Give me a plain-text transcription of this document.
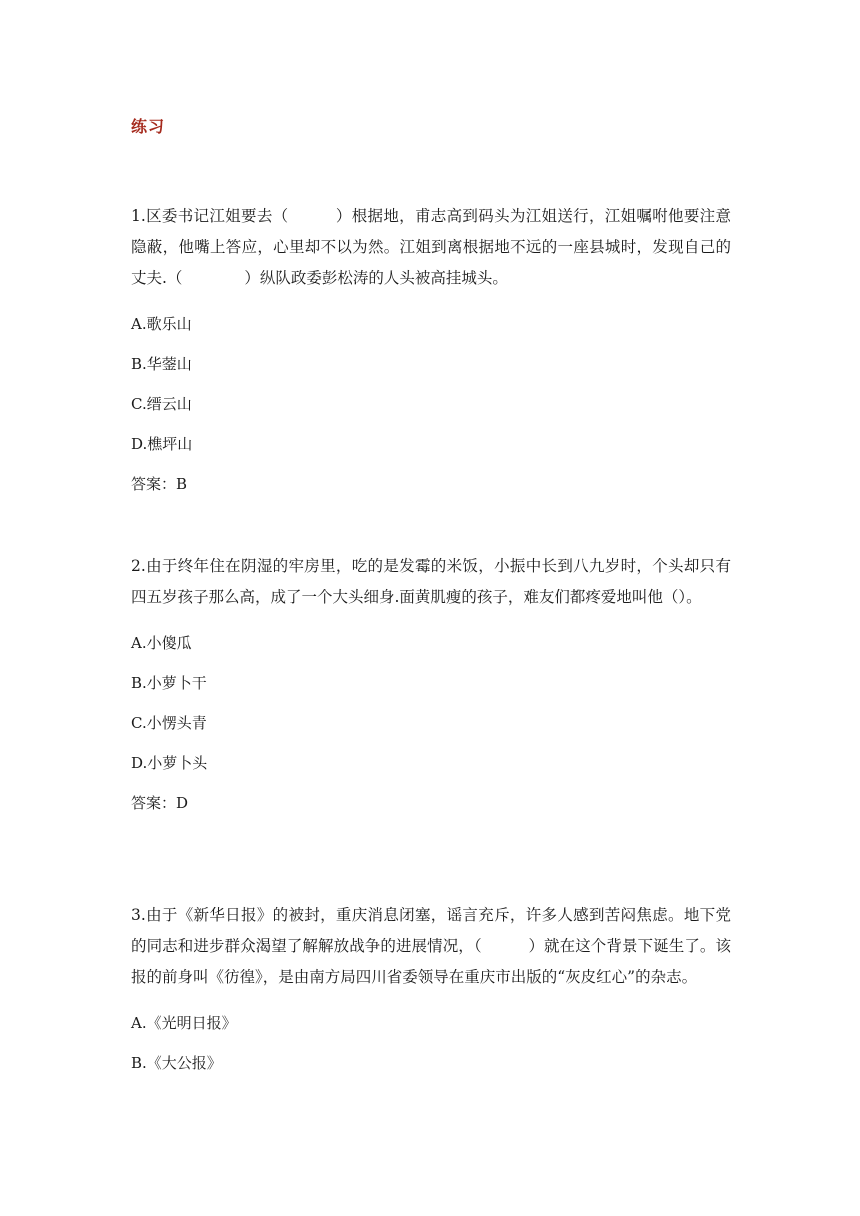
练习

1.区委书记江姐要去（　　　）根据地，甫志高到码头为江姐送行，江姐嘱咐他要注意隐蔽，他嘴上答应，心里却不以为然。江姐到离根据地不远的一座县城时，发现自己的丈夫.（　　　　）纵队政委彭松涛的人头被高挂城头。

A.歌乐山

B.华蓥山

C.缙云山

D.樵坪山

答案：B

2.由于终年住在阴湿的牢房里，吃的是发霉的米饭，小振中长到八九岁时，个头却只有四五岁孩子那么高，成了一个大头细身.面黄肌瘦的孩子，难友们都疼爱地叫他（）。

A.小傻瓜

B.小萝卜干

C.小愣头青

D.小萝卜头

答案：D

3.由于《新华日报》的被封，重庆消息闭塞，谣言充斥，许多人感到苦闷焦虑。地下党的同志和进步群众渴望了解解放战争的进展情况，（　　　）就在这个背景下诞生了。该报的前身叫《彷徨》，是由南方局四川省委领导在重庆市出版的“灰皮红心”的杂志。

A.《光明日报》

B.《大公报》
